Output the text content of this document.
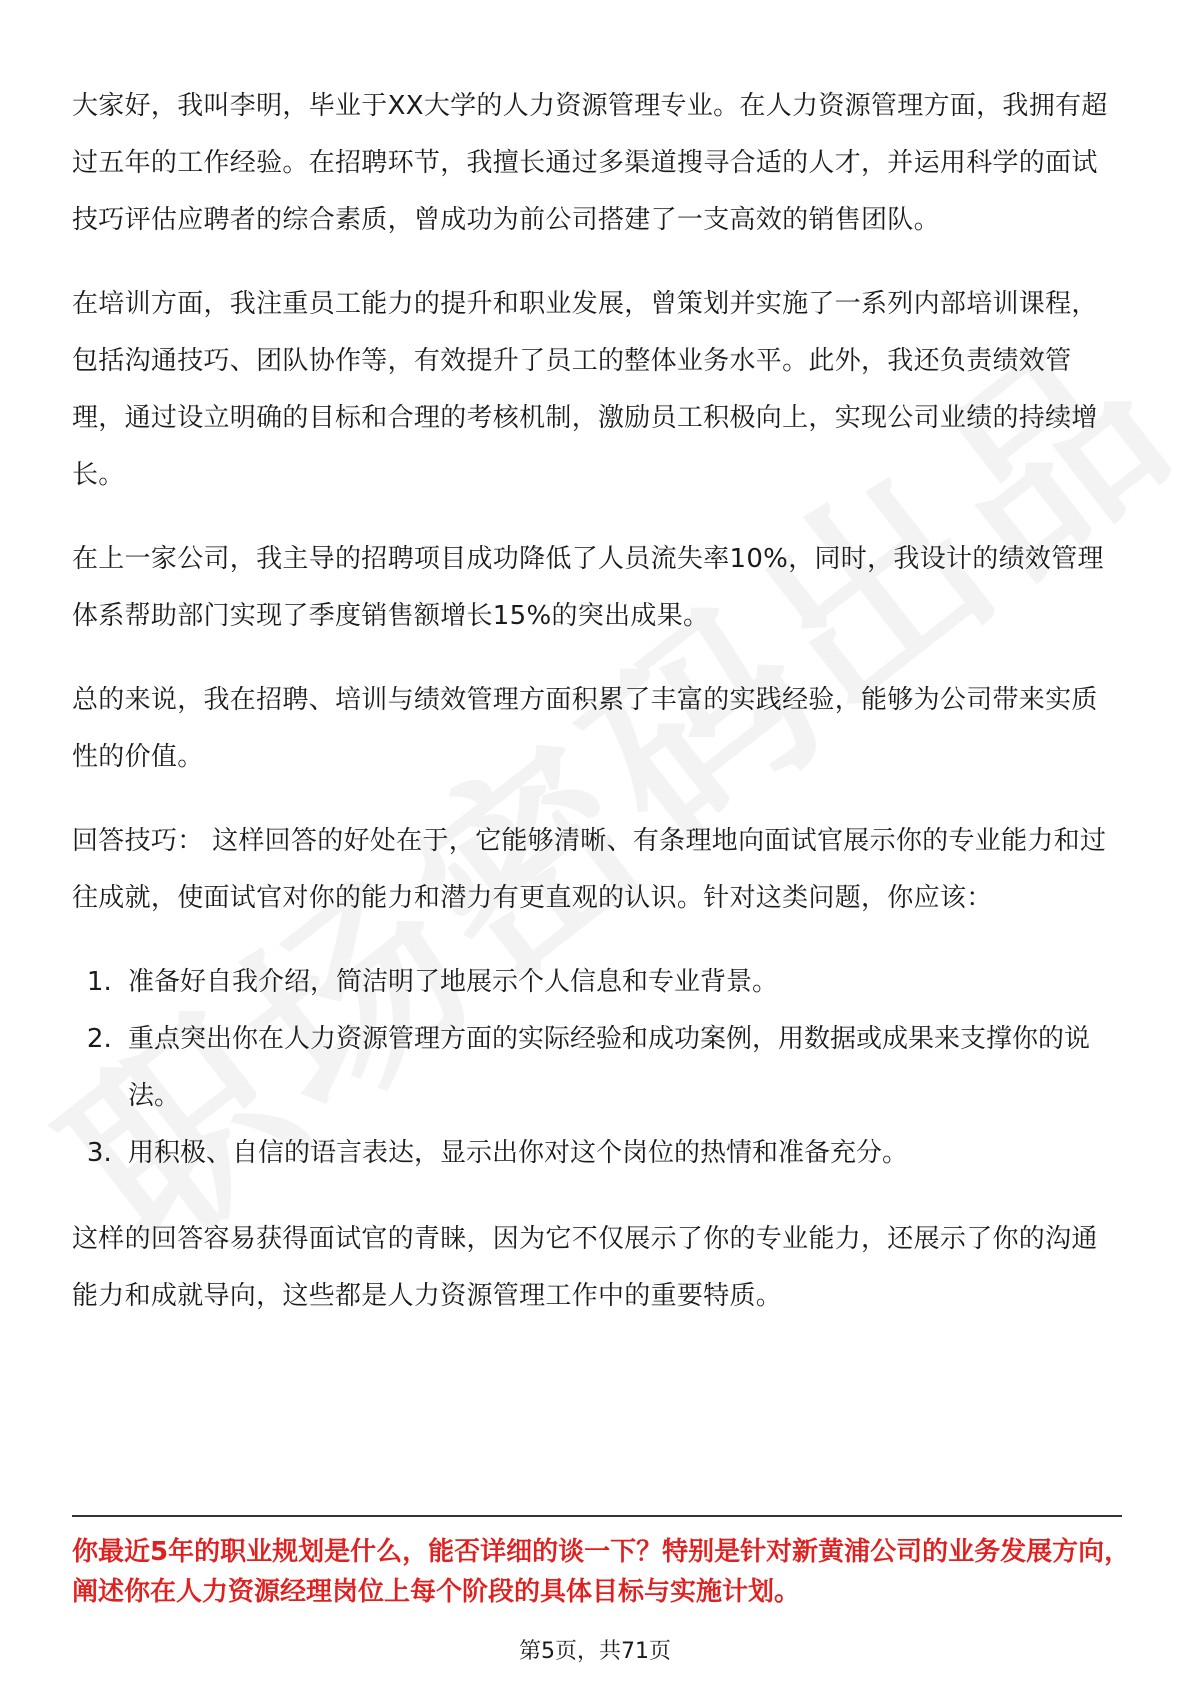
大家好，我叫李明，毕业于XX大学的人力资源管理专业。在人力资源管理方面，我拥有超过五年的工作经验。在招聘环节，我擅长通过多渠道搜寻合适的人才，并运用科学的面试技巧评估应聘者的综合素质，曾成功为前公司搭建了一支高效的销售团队。

在培训方面，我注重员工能力的提升和职业发展，曾策划并实施了一系列内部培训课程，包括沟通技巧、团队协作等，有效提升了员工的整体业务水平。此外，我还负责绩效管理，通过设立明确的目标和合理的考核机制，激励员工积极向上，实现公司业绩的持续增长。

在上一家公司，我主导的招聘项目成功降低了人员流失率10%，同时，我设计的绩效管理体系帮助部门实现了季度销售额增长15%的突出成果。

总的来说，我在招聘、培训与绩效管理方面积累了丰富的实践经验，能够为公司带来实质性的价值。

回答技巧： 这样回答的好处在于，它能够清晰、有条理地向面试官展示你的专业能力和过往成就，使面试官对你的能力和潜力有更直观的认识。针对这类问题，你应该：

1. 准备好自我介绍，简洁明了地展示个人信息和专业背景。
2. 重点突出你在人力资源管理方面的实际经验和成功案例，用数据或成果来支撑你的说法。
3. 用积极、自信的语言表达，显示出你对这个岗位的热情和准备充分。

这样的回答容易获得面试官的青睐，因为它不仅展示了你的专业能力，还展示了你的沟通能力和成就导向，这些都是人力资源管理工作中的重要特质。

你最近5年的职业规划是什么，能否详细的谈一下？特别是针对新黄浦公司的业务发展方向，阐述你在人力资源经理岗位上每个阶段的具体目标与实施计划。

第5页，共71页
